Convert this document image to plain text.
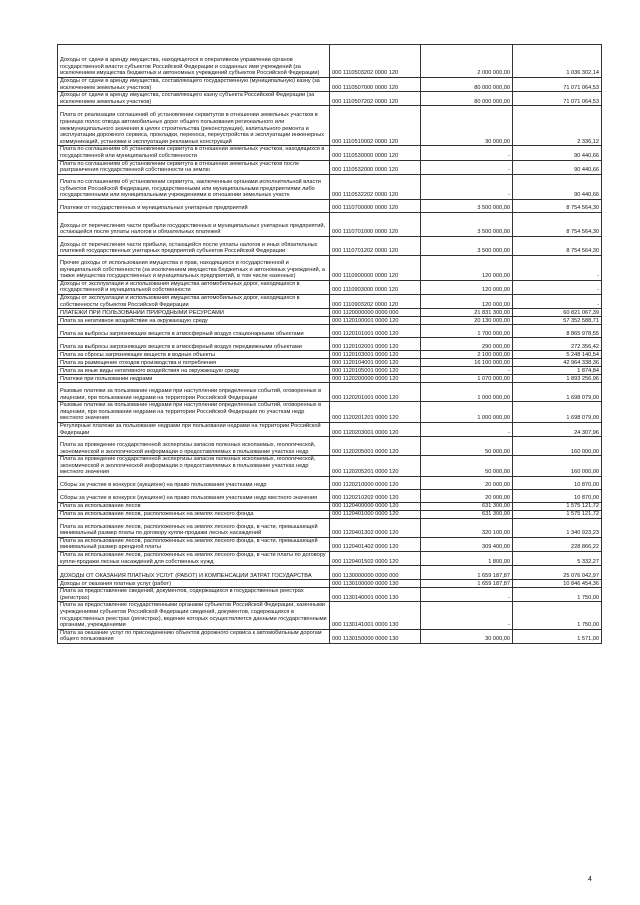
Доходы от сдачи в аренду имущества, находящегося в оперативном управлении органов государственной власти субъектов Российской Федерации и созданных ими учреждений (за исключением имущества бюджетных и автономных учреждений субъектов Российской Федерации)	000 1110503202 0000 120	2 000 000,00	1 036 302,14
Доходы от сдачи в аренду имущества, составляющего государственную (муниципальную) казну (за исключением земельных участков)	000 1110507000 0000 120	80 000 000,00	71 071 064,53
Доходы от сдачи в аренду имущества, составляющего казну субъекта Российской Федерации (за исключением земельных участков)	000 1110507202 0000 120	80 000 000,00	71 071 064,53
Плата от реализации соглашений об установлении сервитутов в отношении земельных участков в границах полос отвода автомобильных дорог общего пользования регионального или межмуниципального значения в целях строительства (реконструкции), капитального ремонта и эксплуатации дорожного сервиса, прокладки, переноса, переустройства и эксплуатации инженерных коммуникаций, установки и эксплуатации рекламных конструкций	000 1110510002 0000 120	30 000,00	2 336,12
Плата по соглашениям об установлении сервитута в отношении земельных участков, находящихся в государственной или муниципальной собственности	000 1110530000 0000 120	-	90 440,66
Плата по соглашениям об установлении сервитута в отношении земельных участков после разграничения государственной собственности на землю	000 1110532000 0000 120	-	90 440,66
Плата по соглашениям об установлении сервитута, заключенным органами исполнительной власти субъектов Российской Федерации, государственными или муниципальными предприятиями либо государственными или муниципальными учреждениями в отношении земельных участк	000 1110532202 0000 120	-	90 440,66
Платежи от государственных и муниципальных унитарных предприятий	000 1110700000 0000 120	3 500 000,00	8 754 564,30
Доходы от перечисления части прибыли государственных и муниципальных унитарных предприятий, остающейся после уплаты налогов и обязательных платежей	000 1110701000 0000 120	3 500 000,00	8 754 564,30
Доходы от перечисления части прибыли, остающейся после уплаты налогов и иных обязательных платежей государственных унитарных предприятий субъектов Российской Федерации	000 1110701202 0000 120	3 500 000,00	8 754 564,30
Прочие доходы от использования имущества и прав, находящихся в государственной и муниципальной собственности (за исключением имущества бюджетных и автономных учреждений, а также имущества государственных и муниципальных предприятий, в том числе казенных)	000 1110900000 0000 120	120 000,00	-
Доходы от эксплуатации и использования имущества автомобильных дорог, находящихся в государственной и муниципальной собственности	000 1110903000 0000 120	120 000,00	-
Доходы от эксплуатации и использования имущества автомобильных дорог, находящихся в собственности субъектов Российской Федерации	000 1110903202 0000 120	120 000,00	-
ПЛАТЕЖИ ПРИ ПОЛЬЗОВАНИИ ПРИРОДНЫМИ РЕСУРСАМИ	000 1120000000 0000 000	21 831 300,00	60 821 067,39
Плата за негативное воздействие на окружающую среду	000 1120100001 0000 120	20 130 000,00	57 352 588,71
Плата за выбросы загрязняющих веществ в атмосферный воздух стационарными объектами	000 1120101001 0000 120	1 700 000,00	8 865 978,55
Плата за выбросы загрязняющих веществ в атмосферный воздух передвижными объектами	000 1120102001 0000 120	290 000,00	272 356,42
Плата за сбросы загрязняющих веществ в водные объекты	000 1120103001 0000 120	2 100 000,00	5 248 140,54
Плата за размещение отходов производства и потребления	000 1120104001 0000 120	16 100 000,00	42 964 338,36
Плата за иные виды негативного воздействия на окружающую среду	000 1120105001 0000 120	-	1 874,84
Платежи при пользовании недрами	000 1120200000 0000 120	1 070 000,00	1 893 256,96
Разовые платежи за пользование недрами при наступлении определенных событий, оговоренных в лицензии, при пользовании недрами на территории Российской Федерации	000 1120201001 0000 120	1 000 000,00	1 698 079,00
Разовые платежи за пользование недрами при наступлении определенных событий, оговоренных в лицензии, при пользовании недрами на территории Российской Федерации по участкам недр местного значения	000 1120201201 0000 120	1 000 000,00	1 698 079,00
Регулярные платежи за пользование недрами при пользовании недрами на территории Российской Федерации	000 1120203001 0000 120	-	24 307,96
Плата за проведение государственной экспертизы запасов полезных ископаемых, геологической, экономической и экологической информации о предоставляемых в пользование участках недр	000 1120205001 0000 120	50 000,00	160 000,00
Плата за проведение государственной экспертизы запасов полезных ископаемых, геологической, экономической и экологической информации о предоставляемых в пользование участках недр местного значения	000 1120205201 0000 120	50 000,00	160 000,00
Сборы за участие в конкурсе (аукционе) на право пользования участками недр	000 1120210000 0000 120	20 000,00	10 870,00
Сборы за участие в конкурсе (аукционе) на право пользования участками недр местного значения	000 1120210202 0000 120	20 000,00	10 870,00
Плата за использование лесов	000 1120400000 0000 120	631 300,00	1 575 121,72
Плата за использование лесов, расположенных на землях лесного фонда	000 1120401000 0000 120	631 300,00	1 575 121,72
Плата за использование лесов, расположенных на землях лесного фонда, в части, превышающей минимальный размер платы по договору купли-продажи лесных насаждений	000 1120401302 0000 120	320 100,00	1 340 923,23
Плата за использование лесов, расположенных на землях лесного фонда, в части, превышающей минимальный размер арендной платы	000 1120401402 0000 120	309 400,00	228 866,22
Плата за использование лесов, расположенных на землях лесного фонда, в части платы по договору купли-продажи лесных насаждений для собственных нужд	000 1120401502 0000 120	1 800,00	5 332,27
ДОХОДЫ ОТ ОКАЗАНИЯ ПЛАТНЫХ УСЛУГ (РАБОТ) И КОМПЕНСАЦИИ ЗАТРАТ ГОСУДАРСТВА	000 1130000000 0000 000	1 659 187,87	25 076 042,97
Доходы от оказания платных услуг (работ)	000 1130100000 0000 130	1 659 187,87	10 846 454,36
Плата за предоставление сведений, документов, содержащихся в государственных реестрах (регистрах)	000 1130140001 0000 130	-	1 750,00
Плата за предоставление государственными органами субъектов Российской Федерации, казенными учреждениями субъектов Российской Федерации сведений, документов, содержащихся в государственных реестрах (регистрах), ведение которых осуществляется данными государственными органами, учреждениями	000 1130141001 0000 130	-	1 750,00
Плата за оказание услуг по присоединению объектов дорожного сервиса к автомобильным дорогам общего пользования	000 1130150000 0000 130	30 000,00	1 571,00
4
